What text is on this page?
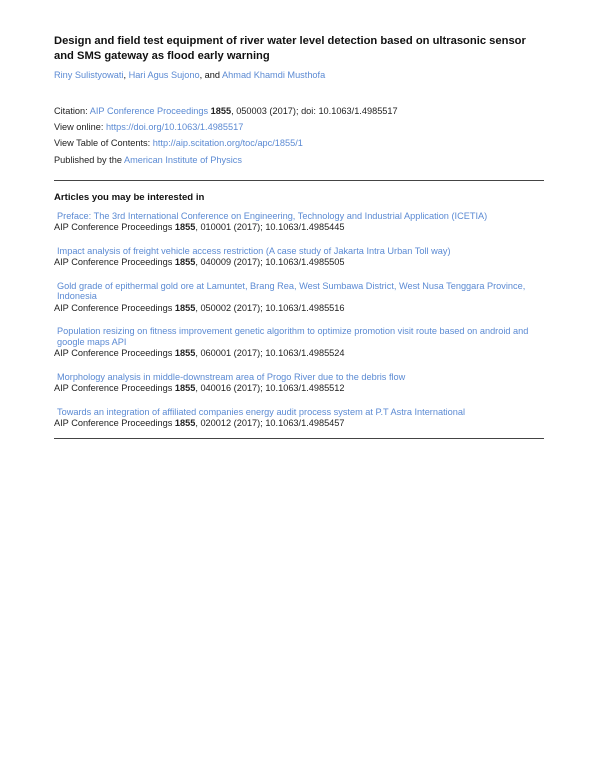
Design and field test equipment of river water level detection based on ultrasonic sensor and SMS gateway as flood early warning
Riny Sulistyowati, Hari Agus Sujono, and Ahmad Khamdi Musthofa
Citation: AIP Conference Proceedings 1855, 050003 (2017); doi: 10.1063/1.4985517
View online: https://doi.org/10.1063/1.4985517
View Table of Contents: http://aip.scitation.org/toc/apc/1855/1
Published by the American Institute of Physics
Articles you may be interested in
Preface: The 3rd International Conference on Engineering, Technology and Industrial Application (ICETIA)
AIP Conference Proceedings 1855, 010001 (2017); 10.1063/1.4985445
Impact analysis of freight vehicle access restriction (A case study of Jakarta Intra Urban Toll way)
AIP Conference Proceedings 1855, 040009 (2017); 10.1063/1.4985505
Gold grade of epithermal gold ore at Lamuntet, Brang Rea, West Sumbawa District, West Nusa Tenggara Province, Indonesia
AIP Conference Proceedings 1855, 050002 (2017); 10.1063/1.4985516
Population resizing on fitness improvement genetic algorithm to optimize promotion visit route based on android and google maps API
AIP Conference Proceedings 1855, 060001 (2017); 10.1063/1.4985524
Morphology analysis in middle-downstream area of Progo River due to the debris flow
AIP Conference Proceedings 1855, 040016 (2017); 10.1063/1.4985512
Towards an integration of affiliated companies energy audit process system at P.T Astra International
AIP Conference Proceedings 1855, 020012 (2017); 10.1063/1.4985457
